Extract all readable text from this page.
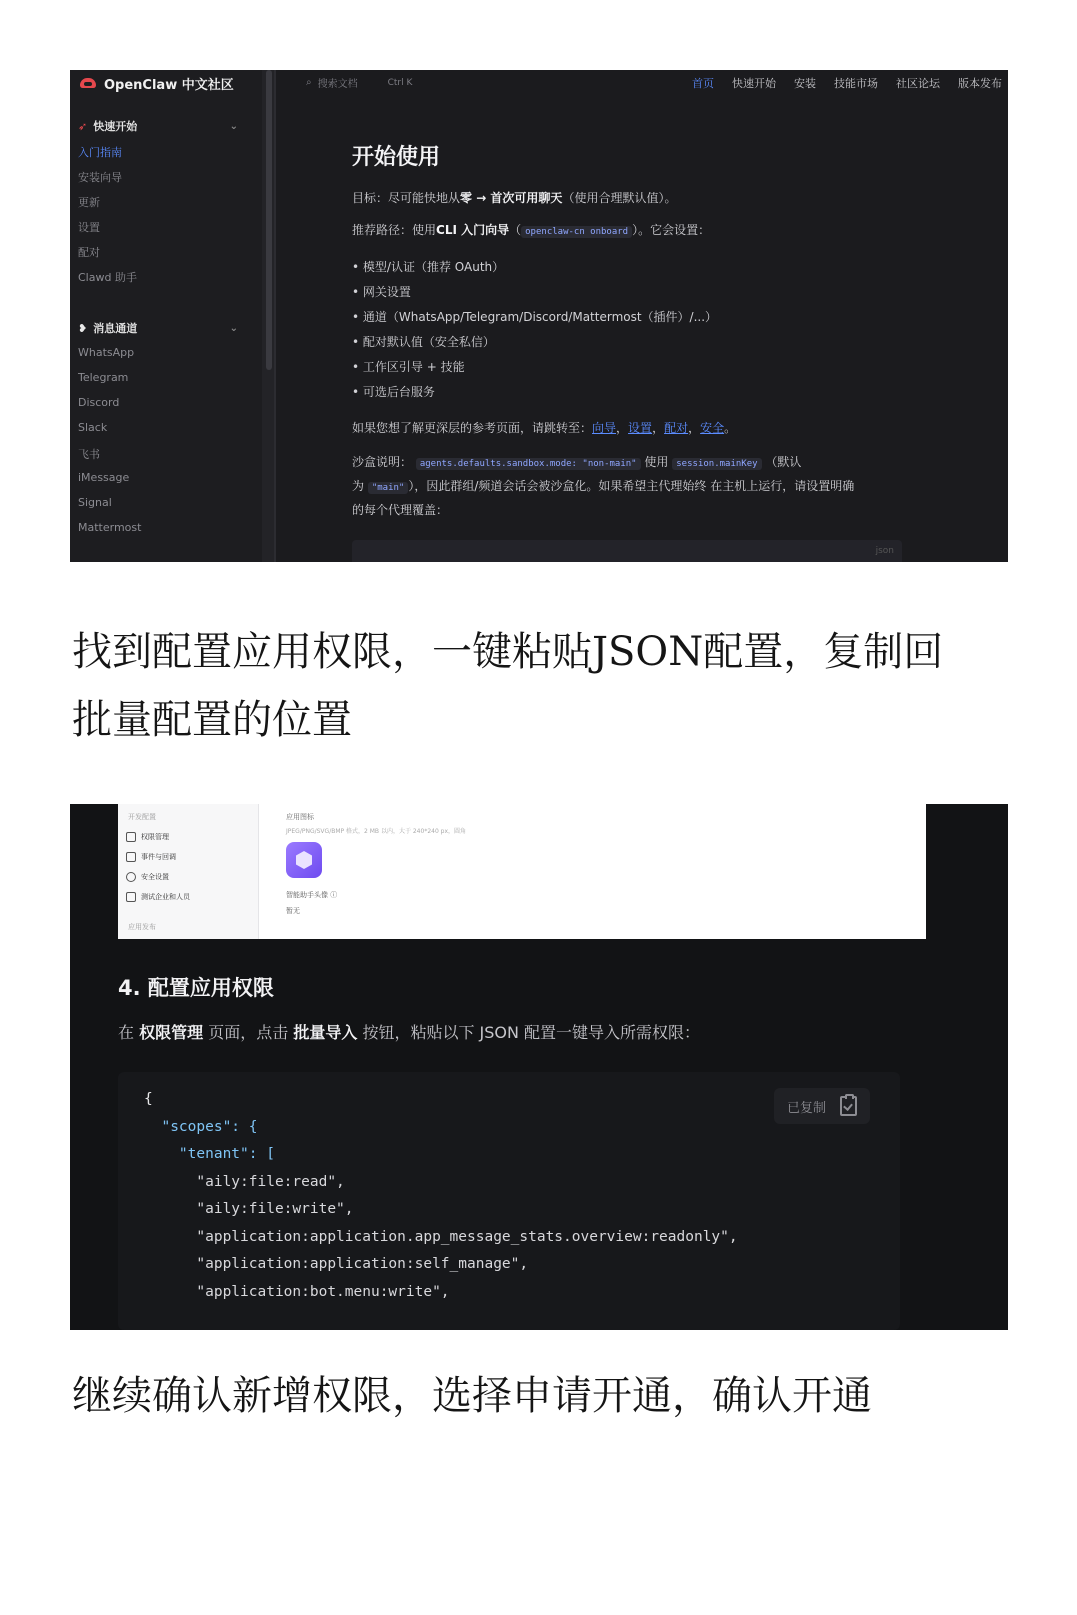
OpenClaw 中文社区
➶ 快速开始	⌄
入门指南
安装向导
更新
设置
配对
Clawd 助手
❥ 消息通道	⌄
WhatsApp
Telegram
Discord
Slack
飞书
iMessage
Signal
Mattermost
⌕ 搜索文档	Ctrl K	首页 快速开始 安装 技能市场 社区论坛 版本发布
开始使用

目标：尽可能快地从零 → 首次可用聊天（使用合理默认值）。

推荐路径：使用CLI 入门向导（ openclaw-cn onboard ）。它会设置：

• 模型/认证（推荐 OAuth）
• 网关设置
• 通道（WhatsApp/Telegram/Discord/Mattermost（插件）/...）
• 配对默认值（安全私信）
• 工作区引导 + 技能
• 可选后台服务

如果您想了解更深层的参考页面，请跳转至：向导，设置，配对，安全。

沙盒说明： agents.defaults.sandbox.mode: "non-main" 使用 session.mainKey （默认
为 "main" ），因此群组/频道会话会被沙盒化。如果希望主代理始终 在主机上运行，请设置明确
的每个代理覆盖：

json
找到配置应用权限，一键粘贴JSON配置，复制回
批量配置的位置
开发配置
权限管理
事件与回调
安全设置
测试企业和人员
应用发布
应用图标
JPEG/PNG/SVG/BMP 格式，2 MB 以内，大于 240*240 px，圆角
智能助手头像 ⓘ
暂无
4. 配置应用权限
在 权限管理 页面，点击 批量导入 按钮，粘贴以下 JSON 配置一键导入所需权限：
{
"scopes": {
"tenant": [
"aily:file:read",
"aily:file:write",
"application:application.app_message_stats.overview:readonly",
"application:application:self_manage",
"application:bot.menu:write",
已复制
继续确认新增权限，选择申请开通，确认开通
